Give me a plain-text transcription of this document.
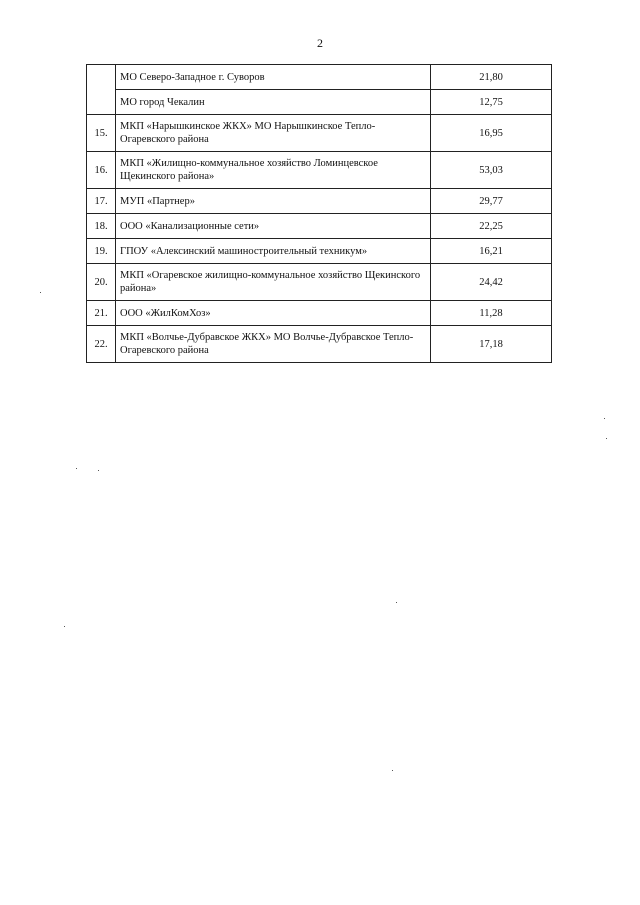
2
	МО Северо-Западное г. Суворов	21,80
	МО город Чекалин	12,75
15.	МКП «Нарышкинское ЖКХ» МО Нарышкинское Тепло-Огаревского района	16,95
16.	МКП «Жилищно-коммунальное хозяйство Ломинцевское Щекинского района»	53,03
17.	МУП «Партнер»	29,77
18.	ООО «Канализационные сети»	22,25
19.	ГПОУ «Алексинский машиностроительный техникум»	16,21
20.	МКП «Огаревское жилищно-коммунальное хозяйство Щекинского района»	24,42
21.	ООО «ЖилКомХоз»	11,28
22.	МКП «Волчье-Дубравское ЖКХ» МО Волчье-Дубравское Тепло-Огаревского района	17,18
